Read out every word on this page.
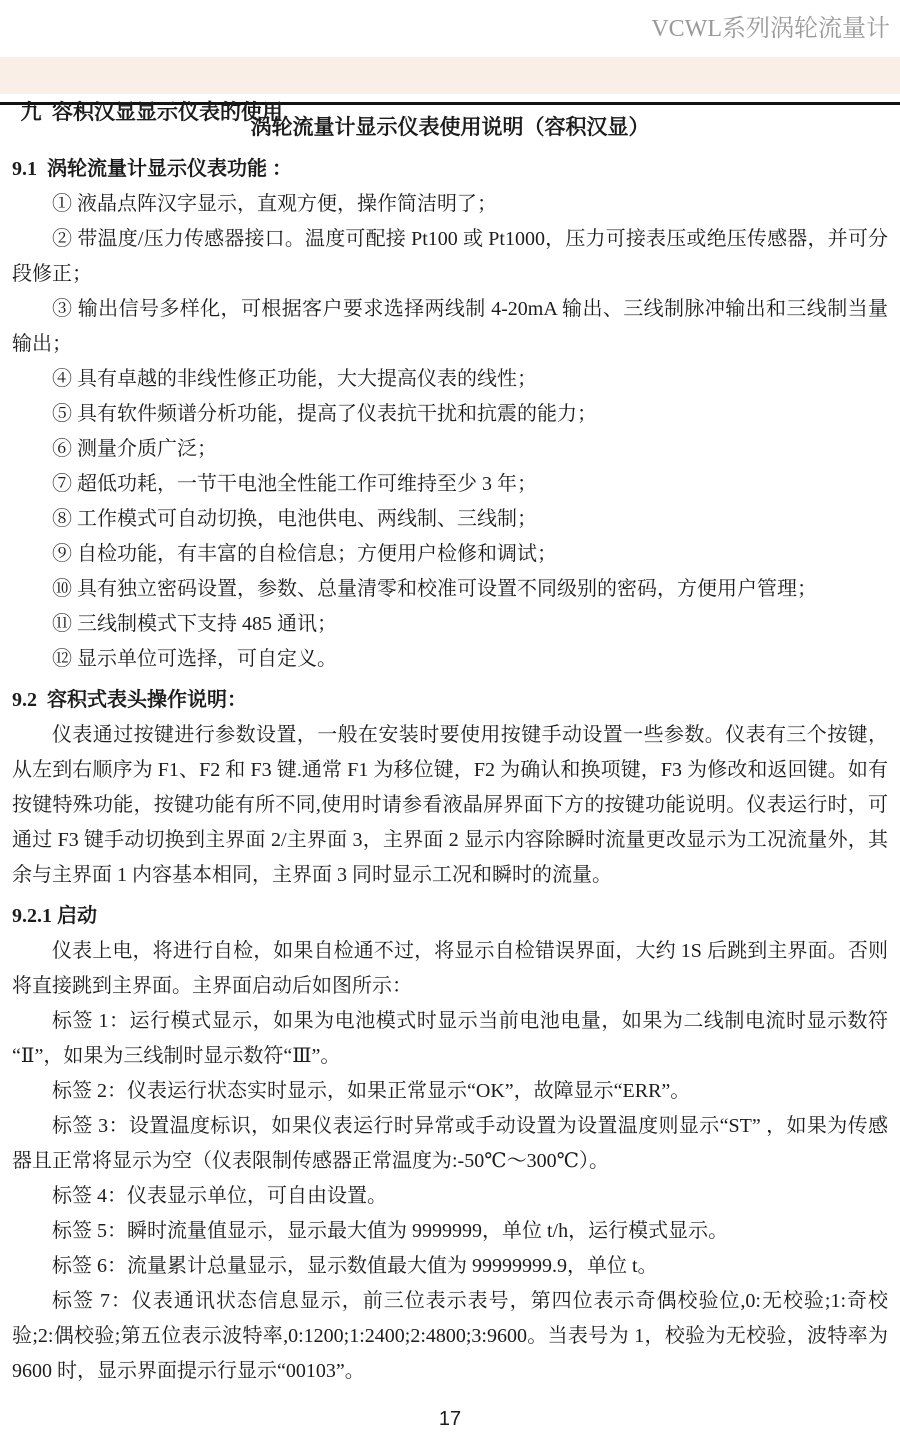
VCWL系列涡轮流量计

九  容积汉显显示仪表的使用

涡轮流量计显示仪表使用说明（容积汉显）
9.1  涡轮流量计显示仪表功能 ：

① 液晶点阵汉字显示，直观方便，操作简洁明了；

② 带温度/压力传感器接口。温度可配接 Pt100 或 Pt1000，压力可接表压或绝压传感器，并可分段修正；

③ 输出信号多样化，可根据客户要求选择两线制 4-20mA 输出、三线制脉冲输出和三线制当量输出；

④ 具有卓越的非线性修正功能，大大提高仪表的线性；

⑤ 具有软件频谱分析功能，提高了仪表抗干扰和抗震的能力；

⑥ 测量介质广泛；

⑦ 超低功耗，一节干电池全性能工作可维持至少 3 年；

⑧ 工作模式可自动切换，电池供电、两线制、三线制；

⑨ 自检功能，有丰富的自检信息；方便用户检修和调试；

⑩ 具有独立密码设置，参数、总量清零和校准可设置不同级别的密码，方便用户管理；

⑪ 三线制模式下支持 485 通讯；

⑫ 显示单位可选择，可自定义。

9.2  容积式表头操作说明：

仪表通过按键进行参数设置，一般在安装时要使用按键手动设置一些参数。仪表有三个按键，从左到右顺序为 F1、F2 和 F3 键.通常 F1 为移位键，F2 为确认和换项键，F3 为修改和返回键。如有按键特殊功能，按键功能有所不同,使用时请参看液晶屏界面下方的按键功能说明。仪表运行时，可通过 F3 键手动切换到主界面 2/主界面 3，主界面 2 显示内容除瞬时流量更改显示为工况流量外，其余与主界面 1 内容基本相同，主界面 3 同时显示工况和瞬时的流量。

9.2.1 启动

仪表上电，将进行自检，如果自检通不过，将显示自检错误界面，大约 1S 后跳到主界面。否则将直接跳到主界面。主界面启动后如图所示：

标签 1：运行模式显示，如果为电池模式时显示当前电池电量，如果为二线制电流时显示数符“Ⅱ”，如果为三线制时显示数符“Ⅲ”。

标签 2：仪表运行状态实时显示，如果正常显示“OK”，故障显示“ERR”。

标签 3：设置温度标识，如果仪表运行时异常或手动设置为设置温度则显示“ST” ，如果为传感器且正常将显示为空（仪表限制传感器正常温度为:-50℃～300℃）。

标签 4：仪表显示单位，可自由设置。

标签 5：瞬时流量值显示，显示最大值为 9999999，单位 t/h，运行模式显示。

标签 6：流量累计总量显示，显示数值最大值为 99999999.9，单位 t。

标签 7：仪表通讯状态信息显示，前三位表示表号，第四位表示奇偶校验位,0:无校验;1:奇校验;2:偶校验;第五位表示波特率,0:1200;1:2400;2:4800;3:9600。当表号为 1，校验为无校验，波特率为 9600 时，显示界面提示行显示“00103”。

17
